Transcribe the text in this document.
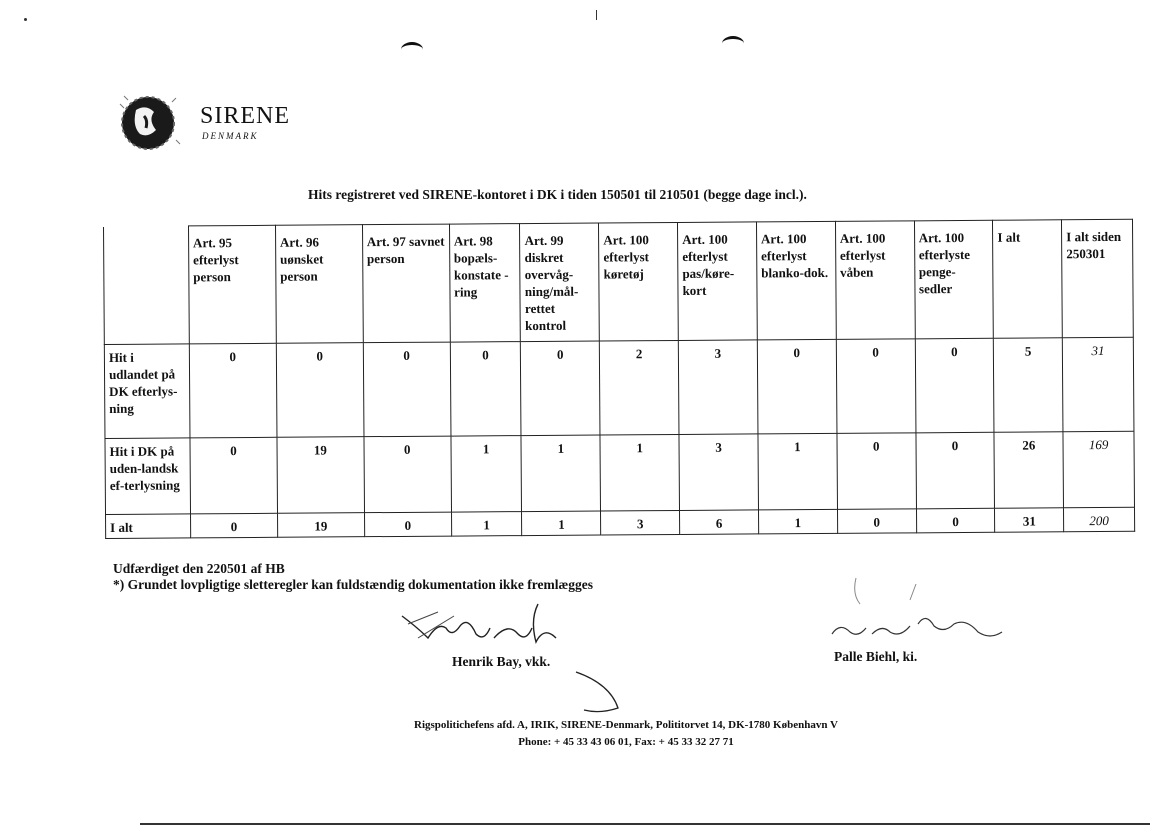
SIRENE
DENMARK
Hits registreret ved SIRENE-kontoret i DK i tiden 150501 til 210501 (begge dage incl.).
	Art. 95 efterlyst person	Art. 96 uønsket person	Art. 97 savnet person	Art. 98 bopæls-konstate -ring	Art. 99 diskret overvåg-ning/mål-rettet kontrol	Art. 100 efterlyst køretøj	Art. 100 efterlyst pas/køre-kort	Art. 100 efterlyst blanko-dok.	Art. 100 efterlyst våben	Art. 100 efterlyste penge-sedler	I alt	I alt siden 250301
Hit i udlandet på DK efterlys-ning	0	0	0	0	0	2	3	0	0	0	5	31
Hit i DK på uden-landsk ef-terlysning	0	19	0	1	1	1	3	1	0	0	26	169
I alt	0	19	0	1	1	3	6	1	0	0	31	200
Udfærdiget den 220501 af HB
*) Grundet lovpligtige sletteregler kan fuldstændig dokumentation ikke fremlægges
Henrik Bay, vkk.	Palle Biehl, ki.
Rigspolitichefens afd. A, IRIK, SIRENE-Denmark, Polititorvet 14, DK-1780 København V
Phone: + 45 33 43 06 01, Fax: + 45 33 32 27 71
